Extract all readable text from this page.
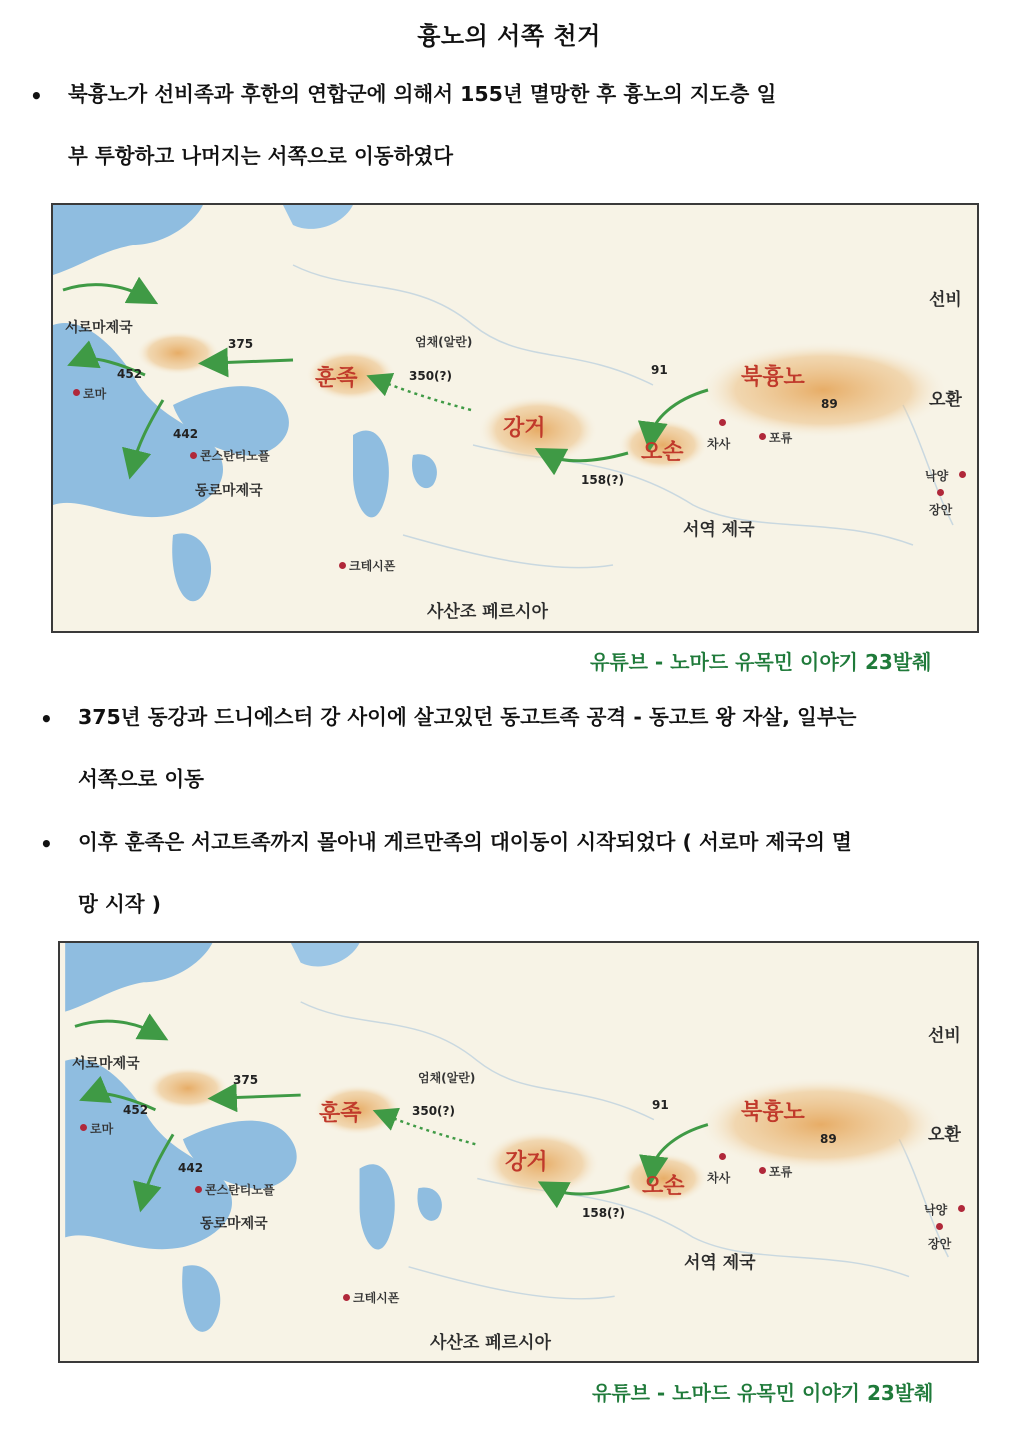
흉노의 서쪽 천거
• 북흉노가 선비족과 후한의 연합군에 의해서 155년 멸망한 후 흉노의 지도층 일
부 투항하고 나머지는 서쪽으로 이동하였다
서로마제국
로마
452
442
375
콘스탄티노플
동로마제국
크테시폰
사산조 페르시아
훈족
엄채(알란)
350(?)
강거
158(?)
오손
91
차사	포류
서역 제국
북흉노
89
선비
오환
낙양
장안
유튜브 - 노마드 유목민 이야기 23발췌
• 375년 동강과 드니에스터 강 사이에 살고있던 동고트족 공격 - 동고트 왕 자살, 일부는
서쪽으로 이동
• 이후 훈족은 서고트족까지 몰아내 게르만족의 대이동이 시작되었다 ( 서로마 제국의 멸
망 시작 )
서로마제국
로마
452
442
375
콘스탄티노플
동로마제국
크테시폰
사산조 페르시아
훈족
엄채(알란)
350(?)
강거
158(?)
오손
91
차사	포류
서역 제국
북흉노
89
선비
오환
낙양
장안
유튜브 - 노마드 유목민 이야기 23발췌
